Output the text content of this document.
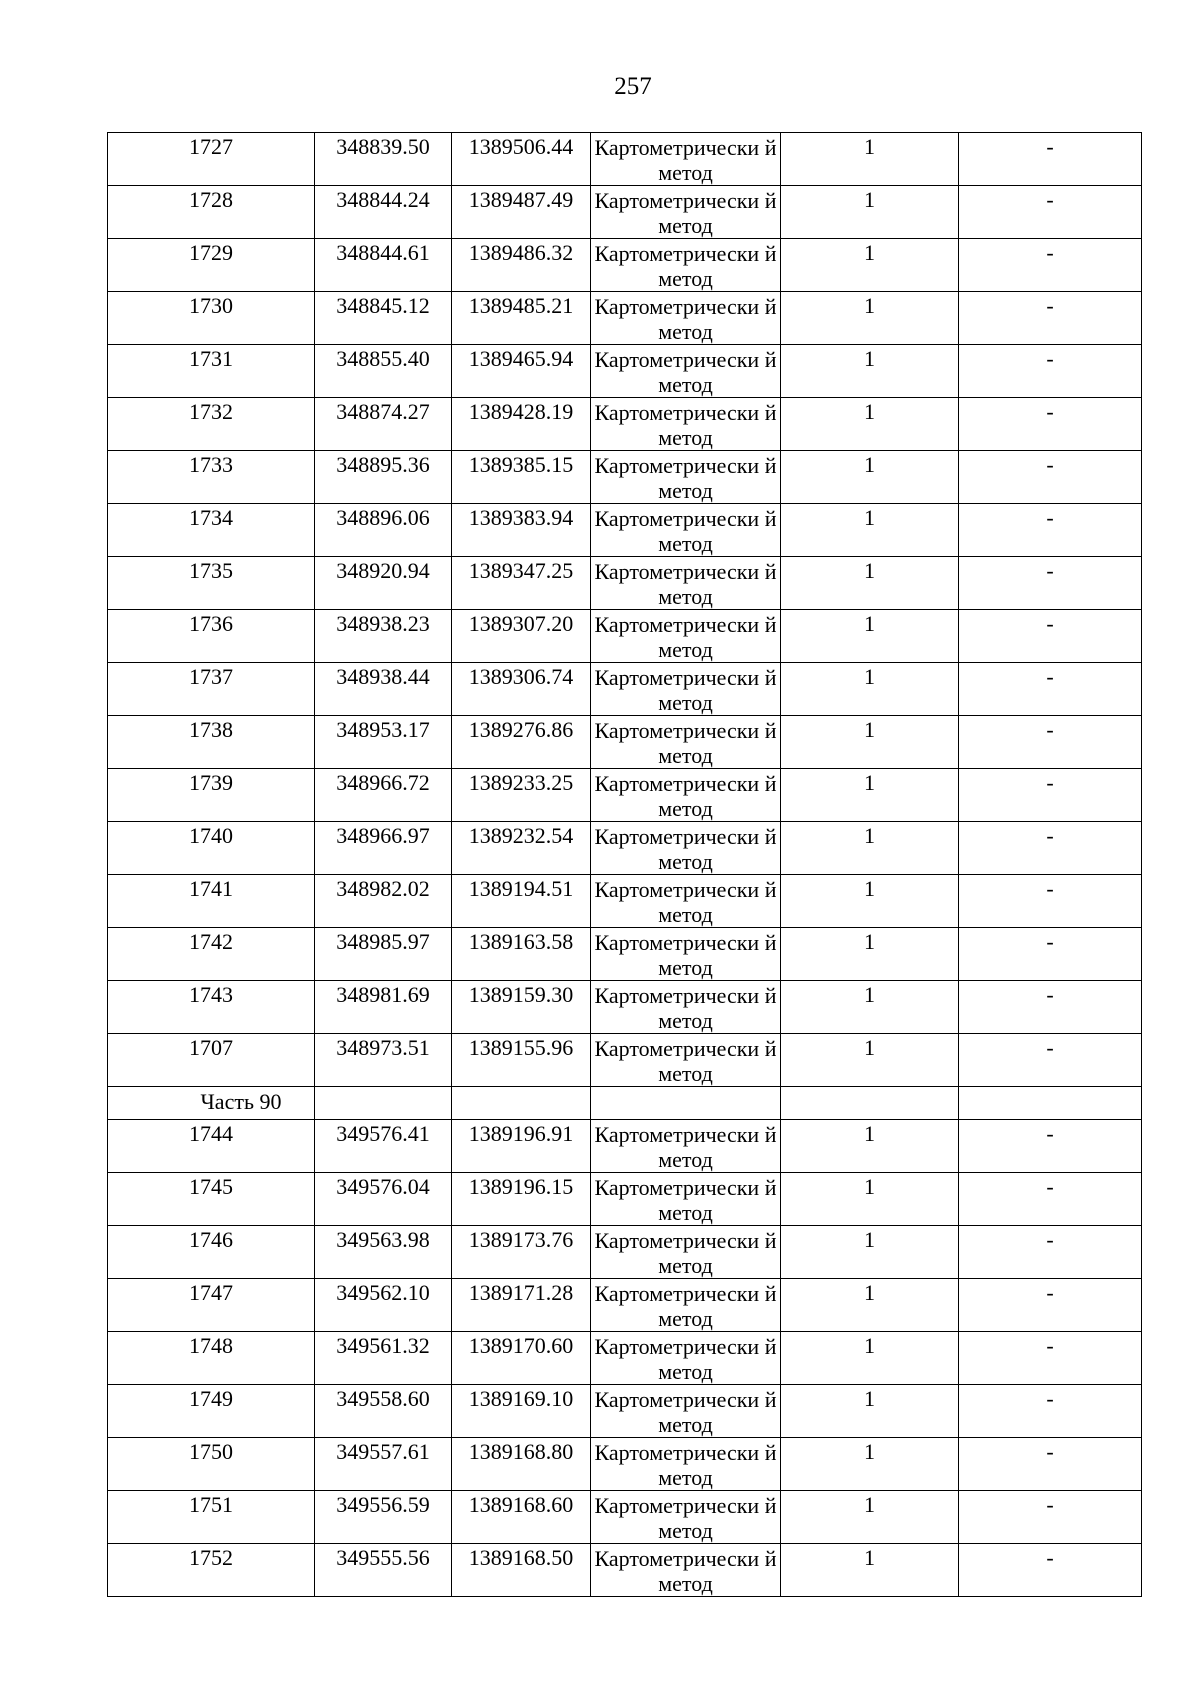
257
1727	348839.50	1389506.44	Картометрически й метод	1	-
1728	348844.24	1389487.49	Картометрически й метод	1	-
1729	348844.61	1389486.32	Картометрически й метод	1	-
1730	348845.12	1389485.21	Картометрически й метод	1	-
1731	348855.40	1389465.94	Картометрически й метод	1	-
1732	348874.27	1389428.19	Картометрически й метод	1	-
1733	348895.36	1389385.15	Картометрически й метод	1	-
1734	348896.06	1389383.94	Картометрически й метод	1	-
1735	348920.94	1389347.25	Картометрически й метод	1	-
1736	348938.23	1389307.20	Картометрически й метод	1	-
1737	348938.44	1389306.74	Картометрически й метод	1	-
1738	348953.17	1389276.86	Картометрически й метод	1	-
1739	348966.72	1389233.25	Картометрически й метод	1	-
1740	348966.97	1389232.54	Картометрически й метод	1	-
1741	348982.02	1389194.51	Картометрически й метод	1	-
1742	348985.97	1389163.58	Картометрически й метод	1	-
1743	348981.69	1389159.30	Картометрически й метод	1	-
1707	348973.51	1389155.96	Картометрически й метод	1	-
Часть 90					
1744	349576.41	1389196.91	Картометрически й метод	1	-
1745	349576.04	1389196.15	Картометрически й метод	1	-
1746	349563.98	1389173.76	Картометрически й метод	1	-
1747	349562.10	1389171.28	Картометрически й метод	1	-
1748	349561.32	1389170.60	Картометрически й метод	1	-
1749	349558.60	1389169.10	Картометрически й метод	1	-
1750	349557.61	1389168.80	Картометрически й метод	1	-
1751	349556.59	1389168.60	Картометрически й метод	1	-
1752	349555.56	1389168.50	Картометрически й метод	1	-
